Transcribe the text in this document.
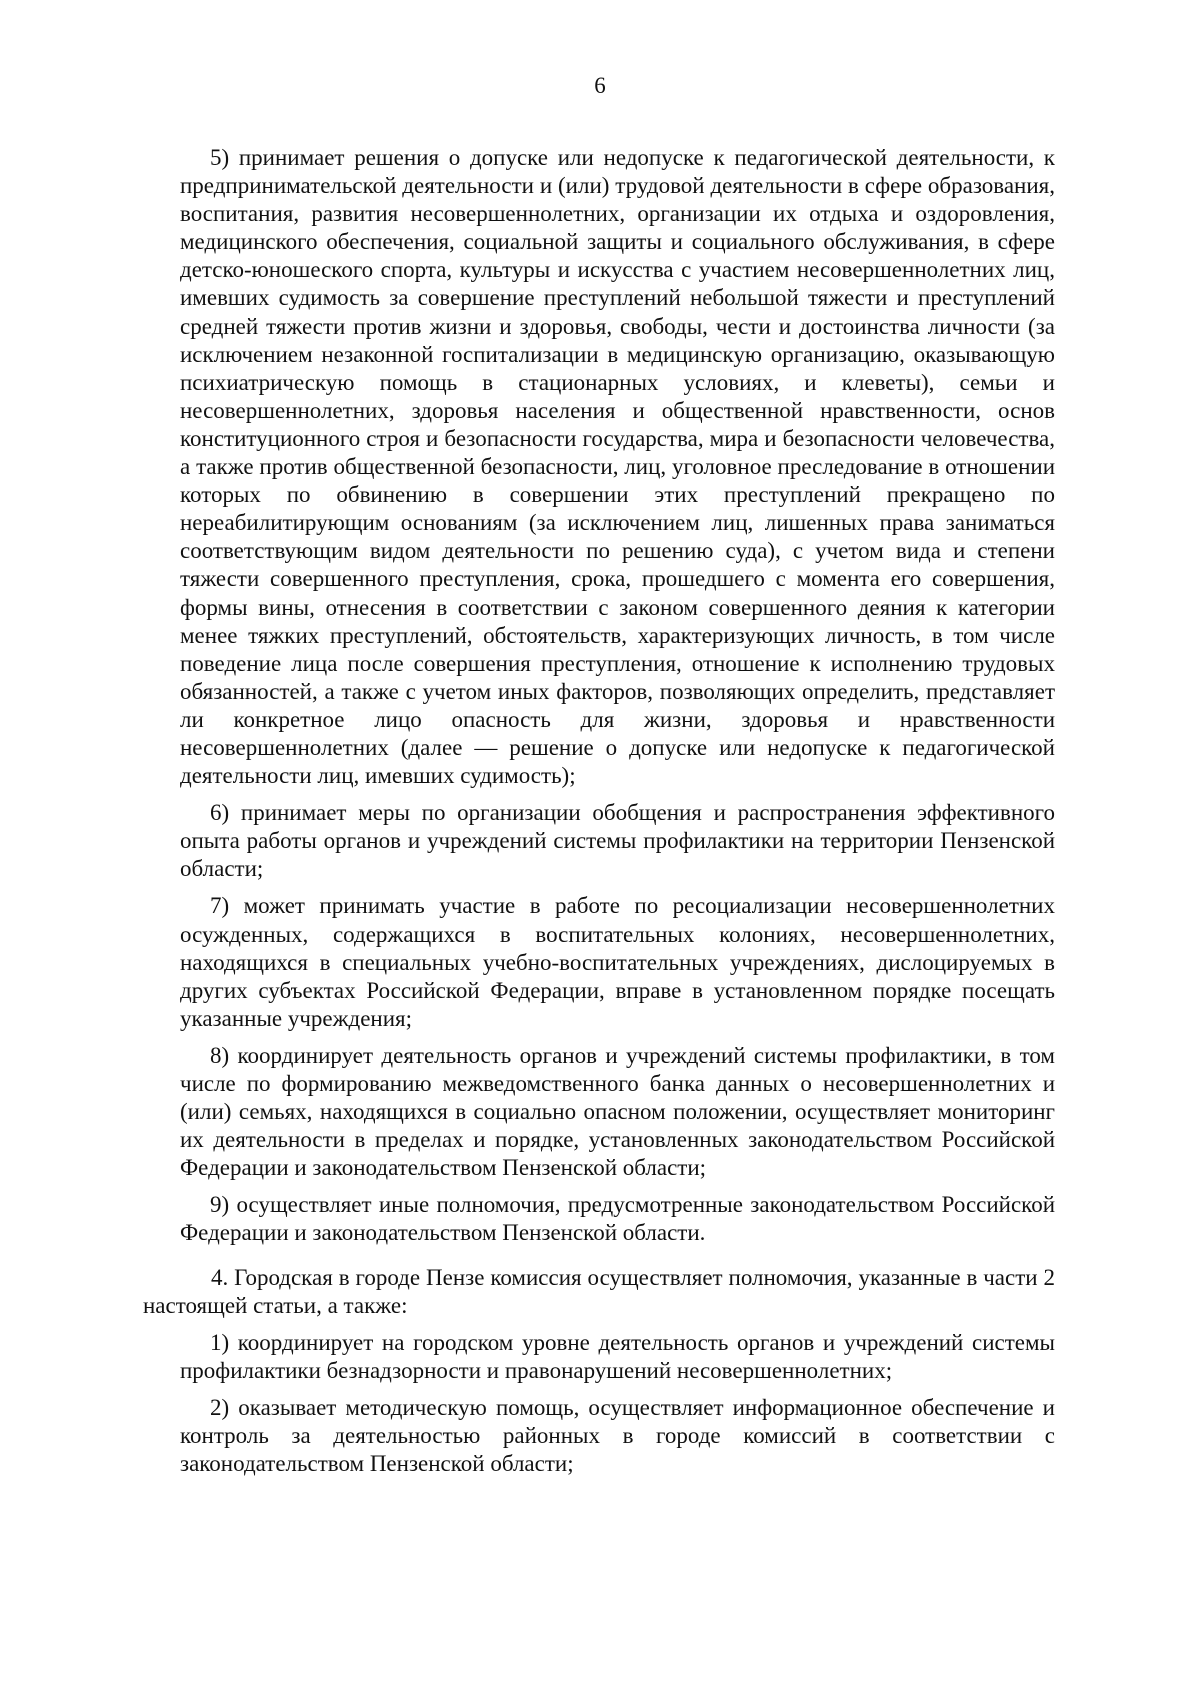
6

5) принимает решения о допуске или недопуске к педагогической деятельности, к предпринимательской деятельности и (или) трудовой деятельности в сфере образования, воспитания, развития несовершеннолетних, организации их отдыха и оздоровления, медицинского обеспечения, социальной защиты и социального обслуживания, в сфере детско-юношеского спорта, культуры и искусства с участием несовершеннолетних лиц, имевших судимость за совершение преступлений небольшой тяжести и преступлений средней тяжести против жизни и здоровья, свободы, чести и достоинства личности (за исключением незаконной госпитализации в медицинскую организацию, оказывающую психиатрическую помощь в стационарных условиях, и клеветы), семьи и несовершеннолетних, здоровья населения и общественной нравственности, основ конституционного строя и безопасности государства, мира и безопасности человечества, а также против общественной безопасности, лиц, уголовное преследование в отношении которых по обвинению в совершении этих преступлений прекращено по нереабилитирующим основаниям (за исключением лиц, лишенных права заниматься соответствующим видом деятельности по решению суда), с учетом вида и степени тяжести совершенного преступления, срока, прошедшего с момента его совершения, формы вины, отнесения в соответствии с законом совершенного деяния к категории менее тяжких преступлений, обстоятельств, характеризующих личность, в том числе поведение лица после совершения преступления, отношение к исполнению трудовых обязанностей, а также с учетом иных факторов, позволяющих определить, представляет ли конкретное лицо опасность для жизни, здоровья и нравственности несовершеннолетних (далее — решение о допуске или недопуске к педагогической деятельности лиц, имевших судимость);

6) принимает меры по организации обобщения и распространения эффективного опыта работы органов и учреждений системы профилактики на территории Пензенской области;

7) может принимать участие в работе по ресоциализации несовершеннолетних осужденных, содержащихся в воспитательных колониях, несовершеннолетних, находящихся в специальных учебно-воспитательных учреждениях, дислоцируемых в других субъектах Российской Федерации, вправе в установленном порядке посещать указанные учреждения;

8) координирует деятельность органов и учреждений системы профилактики, в том числе по формированию межведомственного банка данных о несовершеннолетних и (или) семьях, находящихся в социально опасном положении, осуществляет мониторинг их деятельности в пределах и порядке, установленных законодательством Российской Федерации и законодательством Пензенской области;

9) осуществляет иные полномочия, предусмотренные законодательством Российской Федерации и законодательством Пензенской области.

4. Городская в городе Пензе комиссия осуществляет полномочия, указанные в части 2 настоящей статьи, а также:

1) координирует на городском уровне деятельность органов и учреждений системы профилактики безнадзорности и правонарушений несовершеннолетних;

2) оказывает методическую помощь, осуществляет информационное обеспечение и контроль за деятельностью районных в городе комиссий в соответствии с законодательством Пензенской области;
